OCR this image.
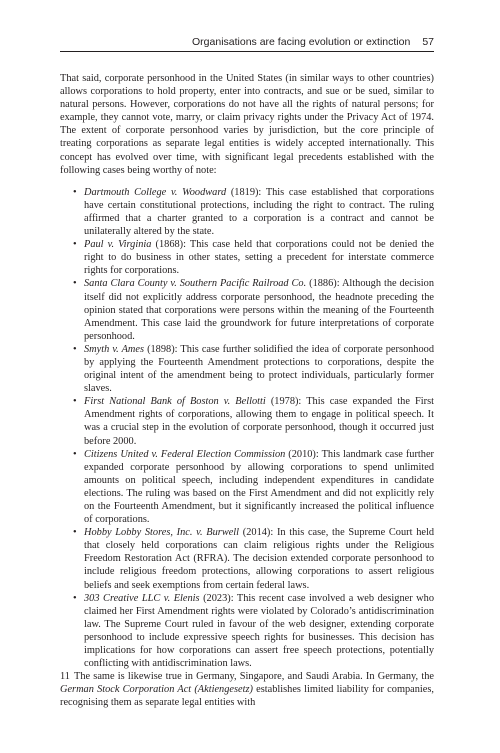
Organisations are facing evolution or extinction 57

That said, corporate personhood in the United States (in similar ways to other countries) allows corporations to hold property, enter into contracts, and sue or be sued, similar to natural persons. However, corporations do not have all the rights of natural persons; for example, they cannot vote, marry, or claim privacy rights under the Privacy Act of 1974. The extent of corporate personhood varies by jurisdiction, but the core principle of treating corporations as separate legal entities is widely accepted internationally. This concept has evolved over time, with significant legal precedents established with the following cases being worthy of note:

• Dartmouth College v. Woodward (1819): This case established that corporations have certain constitutional protections, including the right to contract. The ruling affirmed that a charter granted to a corporation is a contract and cannot be unilaterally altered by the state.
• Paul v. Virginia (1868): This case held that corporations could not be denied the right to do business in other states, setting a precedent for interstate commerce rights for corporations.
• Santa Clara County v. Southern Pacific Railroad Co. (1886): Although the decision itself did not explicitly address corporate personhood, the headnote preceding the opinion stated that corporations were persons within the meaning of the Fourteenth Amendment. This case laid the groundwork for future interpretations of corporate personhood.
• Smyth v. Ames (1898): This case further solidified the idea of corporate personhood by applying the Fourteenth Amendment protections to corporations, despite the original intent of the amendment being to protect individuals, particularly former slaves.
• First National Bank of Boston v. Bellotti (1978): This case expanded the First Amendment rights of corporations, allowing them to engage in political speech. It was a crucial step in the evolution of corporate personhood, though it occurred just before 2000.
• Citizens United v. Federal Election Commission (2010): This landmark case further expanded corporate personhood by allowing corporations to spend unlimited amounts on political speech, including independent expenditures in candidate elections. The ruling was based on the First Amendment and did not explicitly rely on the Fourteenth Amendment, but it significantly increased the political influence of corporations.
• Hobby Lobby Stores, Inc. v. Burwell (2014): In this case, the Supreme Court held that closely held corporations can claim religious rights under the Religious Freedom Restoration Act (RFRA). The decision extended corporate personhood to include religious freedom protections, allowing corporations to assert religious beliefs and seek exemptions from certain federal laws.
• 303 Creative LLC v. Elenis (2023): This recent case involved a web designer who claimed her First Amendment rights were violated by Colorado’s antidiscrimination law. The Supreme Court ruled in favour of the web designer, extending corporate personhood to include expressive speech rights for businesses. This decision has implications for how corporations can assert free speech protections, potentially conflicting with antidiscrimination laws.

11 The same is likewise true in Germany, Singapore, and Saudi Arabia. In Germany, the German Stock Corporation Act (Aktiengesetz) establishes limited liability for companies, recognising them as separate legal entities with
